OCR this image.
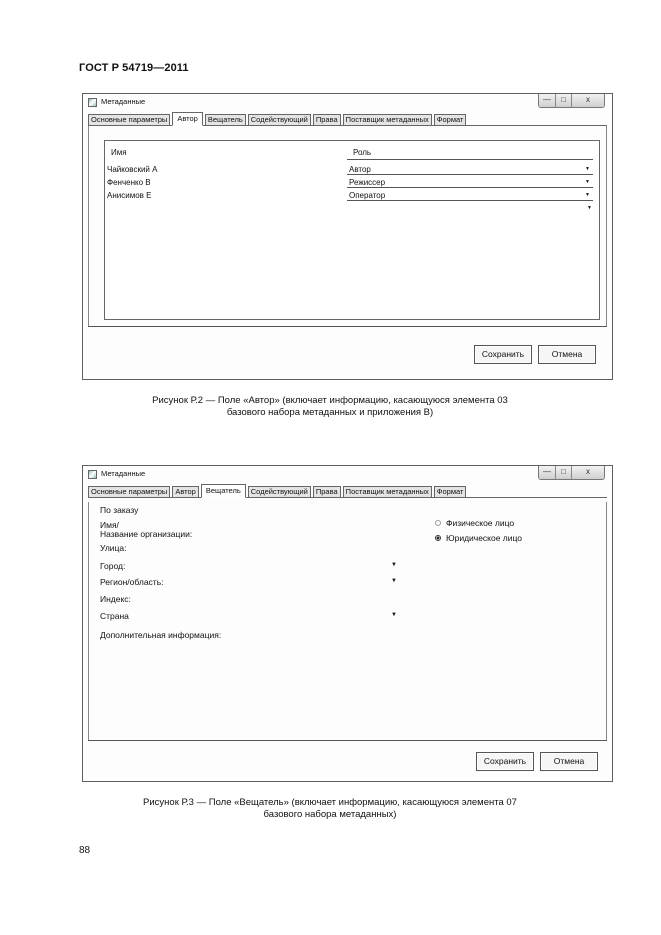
ГОСТ Р 54719—2011
Метаданные	—	□	x
Основные параметры	Автор	Вещатель	Содействующий	Права	Поставщик метаданных	Формат
Сохранить	Отмена
Имя	Роль
Чайковский А	Автор	▼
Фенченко В	Режиссер	▼
Анисимов Е	Оператор	▼
▼
Рисунок Р.2 — Поле «Автор» (включает информацию, касающуюся элемента 03
базового набора метаданных и приложения В)
Метаданные	—	□	x
Основные параметры	Автор	Вещатель	Содействующий	Права	Поставщик метаданных	Формат
Сохранить	Отмена
По заказу
Имя/
Название организации:
Улица:
Город:	▼
Регион/область:	▼
Индекс:
Страна	▼
Дополнительная информация:
Физическое лицо
Юридическое лицо
Рисунок Р.3 — Поле «Вещатель» (включает информацию, касающуюся элемента 07
базового набора метаданных)
88
